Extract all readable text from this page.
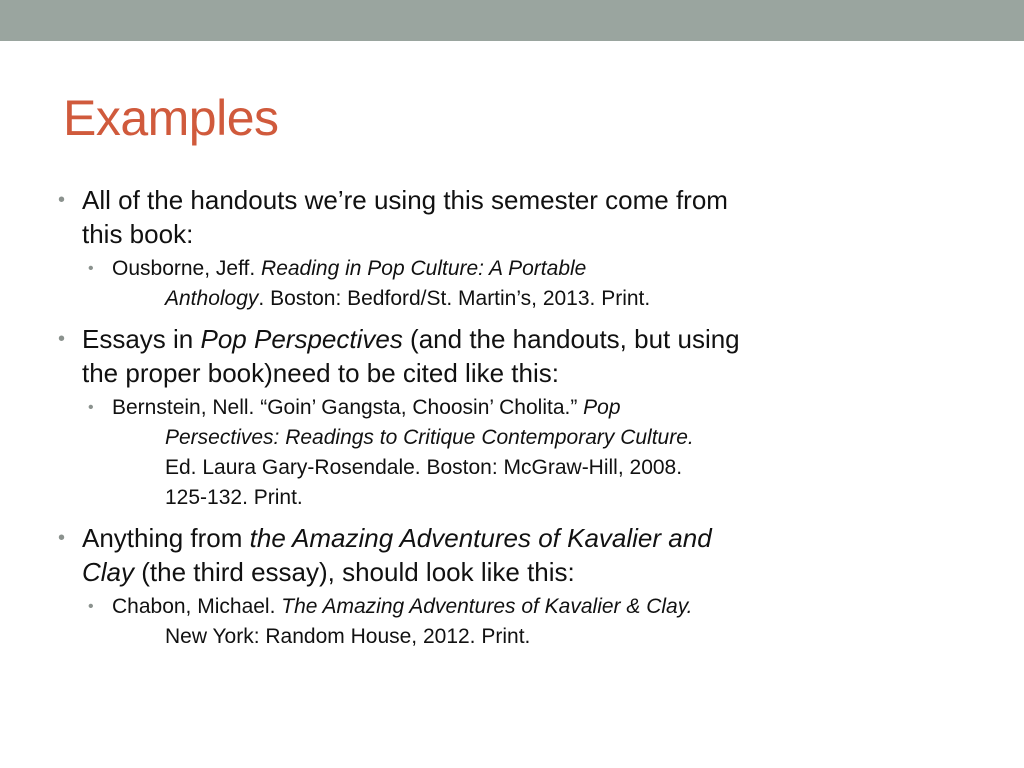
Examples

• All of the handouts we’re using this semester come from
this book:

• Ousborne, Jeff. Reading in Pop Culture: A Portable
Anthology. Boston: Bedford/St. Martin’s, 2013. Print.

• Essays in Pop Perspectives (and the handouts, but using
the proper book)need to be cited like this:

• Bernstein, Nell. “Goin’ Gangsta, Choosin’ Cholita.” Pop
Persectives: Readings to Critique Contemporary Culture.
Ed. Laura Gary-Rosendale. Boston: McGraw-Hill, 2008.
125-132. Print.

• Anything from the Amazing Adventures of Kavalier and
Clay (the third essay), should look like this:

• Chabon, Michael. The Amazing Adventures of Kavalier & Clay.
New York: Random House, 2012. Print.
